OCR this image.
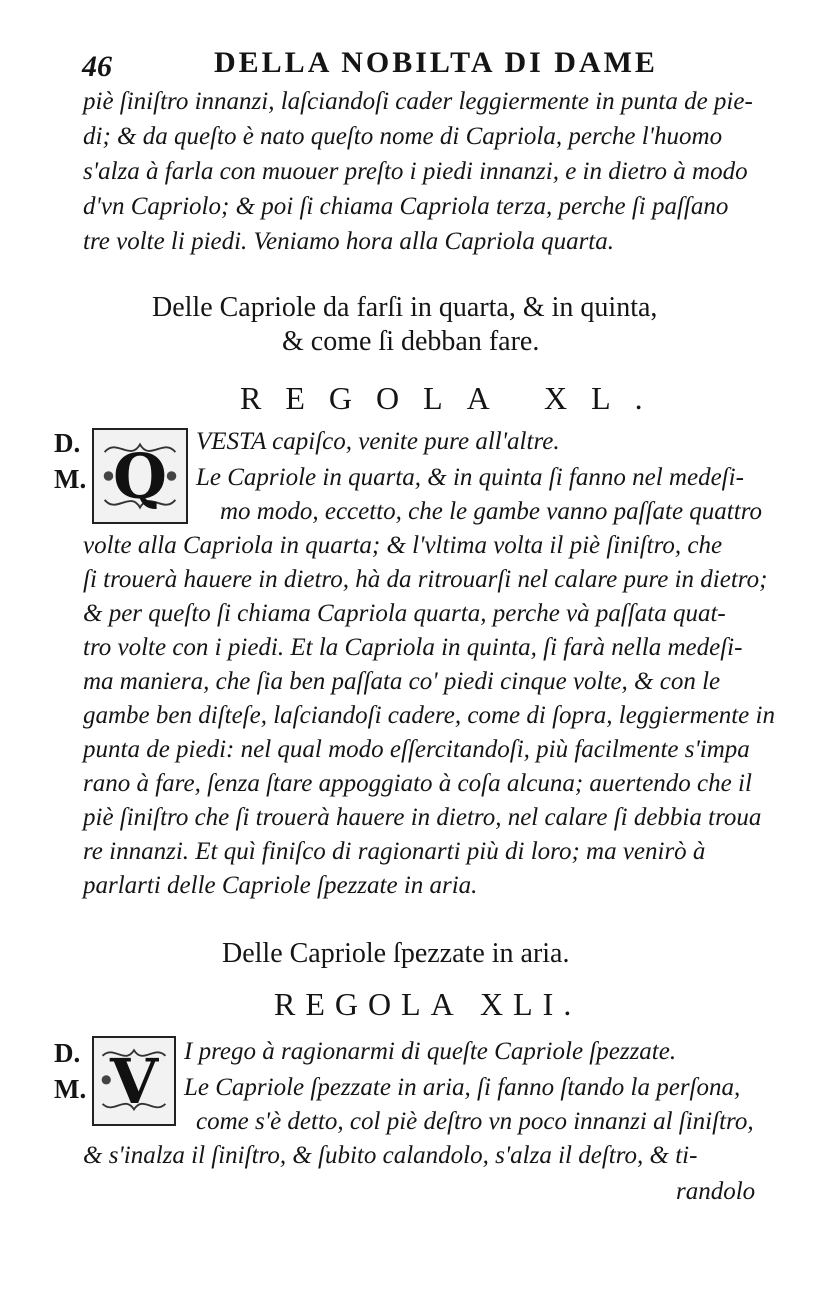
46	DELLA NOBILTA DI DAME
piè ſiniſtro innanzi, laſciandoſi cader leggiermente in punta de pie-
di; & da queſto è nato queſto nome di Capriola, perche l'huomo
s'alza à farla con muouer preſto i piedi innanzi, e in dietro à modo
d'vn Capriolo; & poi ſi chiama Capriola terza, perche ſi paſſano
tre volte li piedi. Veniamo hora alla Capriola quarta.
Delle Capriole da farſi in quarta, & in quinta,
& come ſi debban fare.
REGOLA XL.
D.
M. Q	VESTA capiſco, venite pure all'altre.
Le Capriole in quarta, & in quinta ſi fanno nel medeſi-
mo modo, eccetto, che le gambe vanno paſſate quattro
volte alla Capriola in quarta; & l'vltima volta il piè ſiniſtro, che
ſi trouerà hauere in dietro, hà da ritrouarſi nel calare pure in dietro;
& per queſto ſi chiama Capriola quarta, perche và paſſata quat-
tro volte con i piedi. Et la Capriola in quinta, ſi farà nella medeſi-
ma maniera, che ſia ben paſſata co' piedi cinque volte, & con le
gambe ben diſteſe, laſciandoſi cadere, come di ſopra, leggiermente in
punta de piedi: nel qual modo eſſercitandoſi, più facilmente s'impa
rano à fare, ſenza ſtare appoggiato à coſa alcuna; auertendo che il
piè ſiniſtro che ſi trouerà hauere in dietro, nel calare ſi debbia troua
re innanzi. Et quì finiſco di ragionarti più di loro; ma venirò à
parlarti delle Capriole ſpezzate in aria.
Delle Capriole ſpezzate in aria.
REGOLA XLI.
D.
M. V	I prego à ragionarmi di queſte Capriole ſpezzate.
Le Capriole ſpezzate in aria, ſi fanno ſtando la perſona,
come s'è detto, col piè deſtro vn poco innanzi al ſiniſtro,
& s'inalza il ſiniſtro, & ſubito calandolo, s'alza il deſtro, & ti-
randolo
